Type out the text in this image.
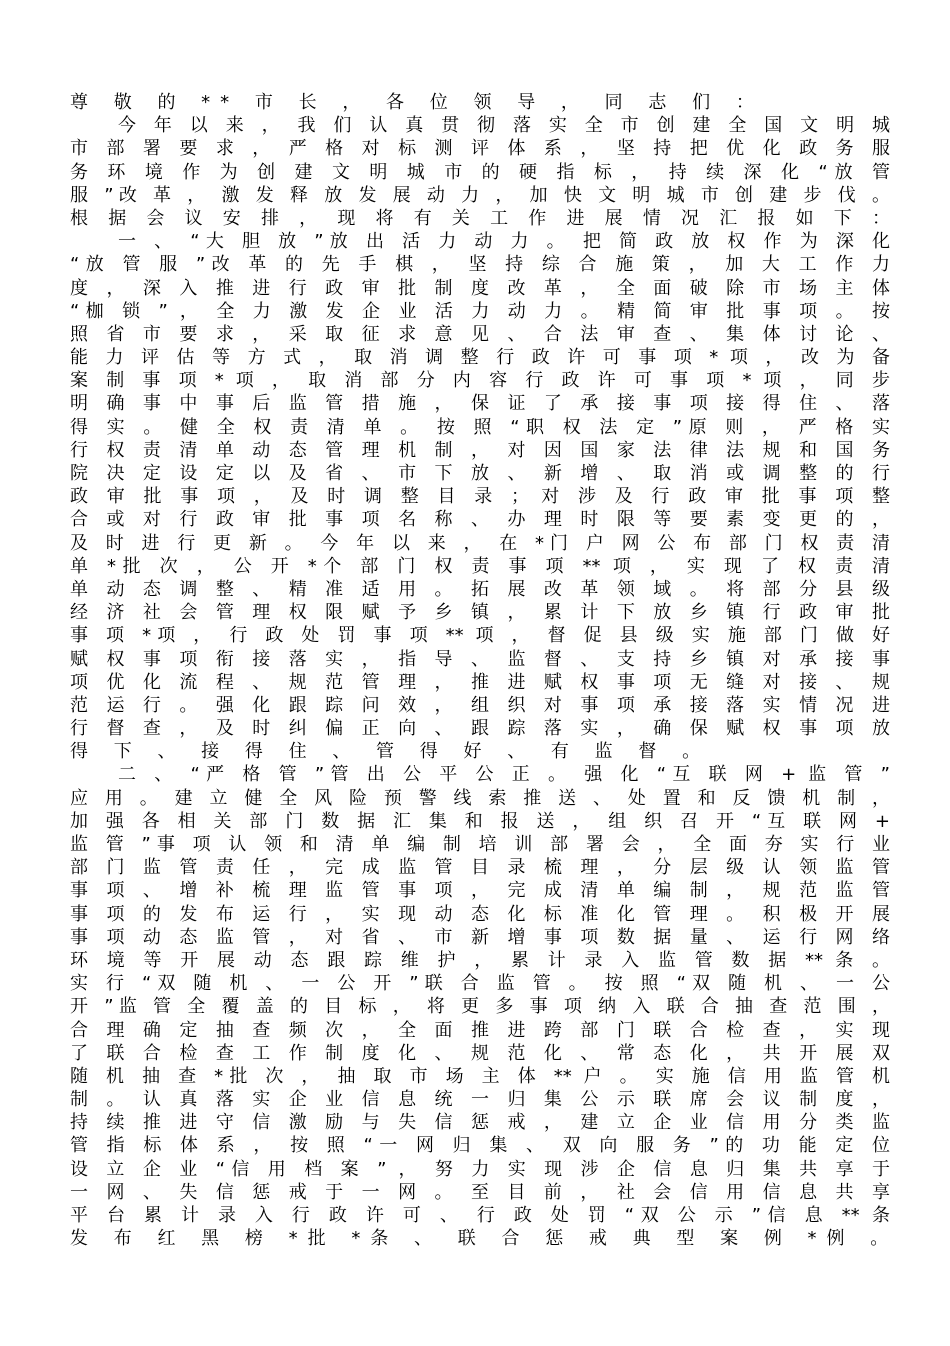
尊 敬 的 ** 市 长 ， 各 位 领 导 ， 同 志 们 ：
今 年 以 来 ， 我 们 认 真 贯 彻 落 实 全 市 创 建 全 国 文 明 城
市 部 署 要 求 ， 严 格 对 标 测 评 体 系 ， 坚 持 把 优 化 政 务 服
务 环 境 作 为 创 建 文 明 城 市 的 硬 指 标 ， 持 续 深 化 “放 管
服 ”改 革 ， 激 发 释 放 发 展 动 力 ， 加 快 文 明 城 市 创 建 步 伐 。
根 据 会 议 安 排 ， 现 将 有 关 工 作 进 展 情 况 汇 报 如 下 ：
一 、 “大 胆 放 ”放 出 活 力 动 力 。 把 简 政 放 权 作 为 深 化
“放 管 服 ”改 革 的 先 手 棋 ， 坚 持 综 合 施 策 ， 加 大 工 作 力
度 ， 深 入 推 进 行 政 审 批 制 度 改 革 ， 全 面 破 除 市 场 主 体
“枷 锁 ” ， 全 力 激 发 企 业 活 力 动 力 。 精 简 审 批 事 项 。 按
照 省 市 要 求 ， 采 取 征 求 意 见 、 合 法 审 查 、 集 体 讨 论 、
能 力 评 估 等 方 式 ， 取 消 调 整 行 政 许 可 事 项 * 项 ， 改 为 备
案 制 事 项 * 项 ， 取 消 部 分 内 容 行 政 许 可 事 项 * 项 ， 同 步
明 确 事 中 事 后 监 管 措 施 ， 保 证 了 承 接 事 项 接 得 住 、 落
得 实 。 健 全 权 责 清 单 。 按 照 “职 权 法 定 ”原 则 ， 严 格 实
行 权 责 清 单 动 态 管 理 机 制 ， 对 因 国 家 法 律 法 规 和 国 务
院 决 定 设 定 以 及 省 、 市 下 放 、 新 增 、 取 消 或 调 整 的 行
政 审 批 事 项 ， 及 时 调 整 目 录 ； 对 涉 及 行 政 审 批 事 项 整
合 或 对 行 政 审 批 事 项 名 称 、 办 理 时 限 等 要 素 变 更 的 ，
及 时 进 行 更 新 。 今 年 以 来 ， 在 *门 户 网 公 布 部 门 权 责 清
单 *批 次 ， 公 开 *个 部 门 权 责 事 项 ** 项 ， 实 现 了 权 责 清
单 动 态 调 整 、 精 准 适 用 。 拓 展 改 革 领 域 。 将 部 分 县 级
经 济 社 会 管 理 权 限 赋 予 乡 镇 ， 累 计 下 放 乡 镇 行 政 审 批
事 项 *项 ， 行 政 处 罚 事 项 ** 项 ， 督 促 县 级 实 施 部 门 做 好
赋 权 事 项 衔 接 落 实 ， 指 导 、 监 督 、 支 持 乡 镇 对 承 接 事
项 优 化 流 程 、 规 范 管 理 ， 推 进 赋 权 事 项 无 缝 对 接 、 规
范 运 行 。 强 化 跟 踪 问 效 ， 组 织 对 事 项 承 接 落 实 情 况 进
行 督 查 ， 及 时 纠 偏 正 向 、 跟 踪 落 实 ， 确 保 赋 权 事 项 放
得 下 、 接 得 住 、 管 得 好 、 有 监 督 。
二 、 “严 格 管 ”管 出 公 平 公 正 。 强 化 “互 联 网 + 监 管 ”
应 用 。 建 立 健 全 风 险 预 警 线 索 推 送 、 处 置 和 反 馈 机 制 ，
加 强 各 相 关 部 门 数 据 汇 集 和 报 送 ， 组 织 召 开 “互 联 网 +
监 管 ”事 项 认 领 和 清 单 编 制 培 训 部 署 会 ， 全 面 夯 实 行 业
部 门 监 管 责 任 ， 完 成 监 管 目 录 梳 理 ， 分 层 级 认 领 监 管
事 项 、 增 补 梳 理 监 管 事 项 ， 完 成 清 单 编 制 ， 规 范 监 管
事 项 的 发 布 运 行 ， 实 现 动 态 化 标 准 化 管 理 。 积 极 开 展
事 项 动 态 监 管 ， 对 省 、 市 新 增 事 项 数 据 量 、 运 行 网 络
环 境 等 开 展 动 态 跟 踪 维 护 ， 累 计 录 入 监 管 数 据 ** 条 。
实 行 “双 随 机 、 一 公 开 ”联 合 监 管 。 按 照 “双 随 机 、 一 公
开 ”监 管 全 覆 盖 的 目 标 ， 将 更 多 事 项 纳 入 联 合 抽 查 范 围 ，
合 理 确 定 抽 查 频 次 ， 全 面 推 进 跨 部 门 联 合 检 查 ， 实 现
了 联 合 检 查 工 作 制 度 化 、 规 范 化 、 常 态 化 ， 共 开 展 双
随 机 抽 查 *批 次 ， 抽 取 市 场 主 体 ** 户 。 实 施 信 用 监 管 机
制 。 认 真 落 实 企 业 信 息 统 一 归 集 公 示 联 席 会 议 制 度 ，
持 续 推 进 守 信 激 励 与 失 信 惩 戒 ， 建 立 企 业 信 用 分 类 监
管 指 标 体 系 ， 按 照 “一 网 归 集 、 双 向 服 务 ”的 功 能 定 位
设 立 企 业 “信 用 档 案 ” ， 努 力 实 现 涉 企 信 息 归 集 共 享 于
一 网 、 失 信 惩 戒 于 一 网 。 至 目 前 ， 社 会 信 用 信 息 共 享
平 台 累 计 录 入 行 政 许 可 、 行 政 处 罚 “双 公 示 ”信 息 ** 条
发 布 红 黑 榜 *批 *条 、 联 合 惩 戒 典 型 案 例 *例 。
